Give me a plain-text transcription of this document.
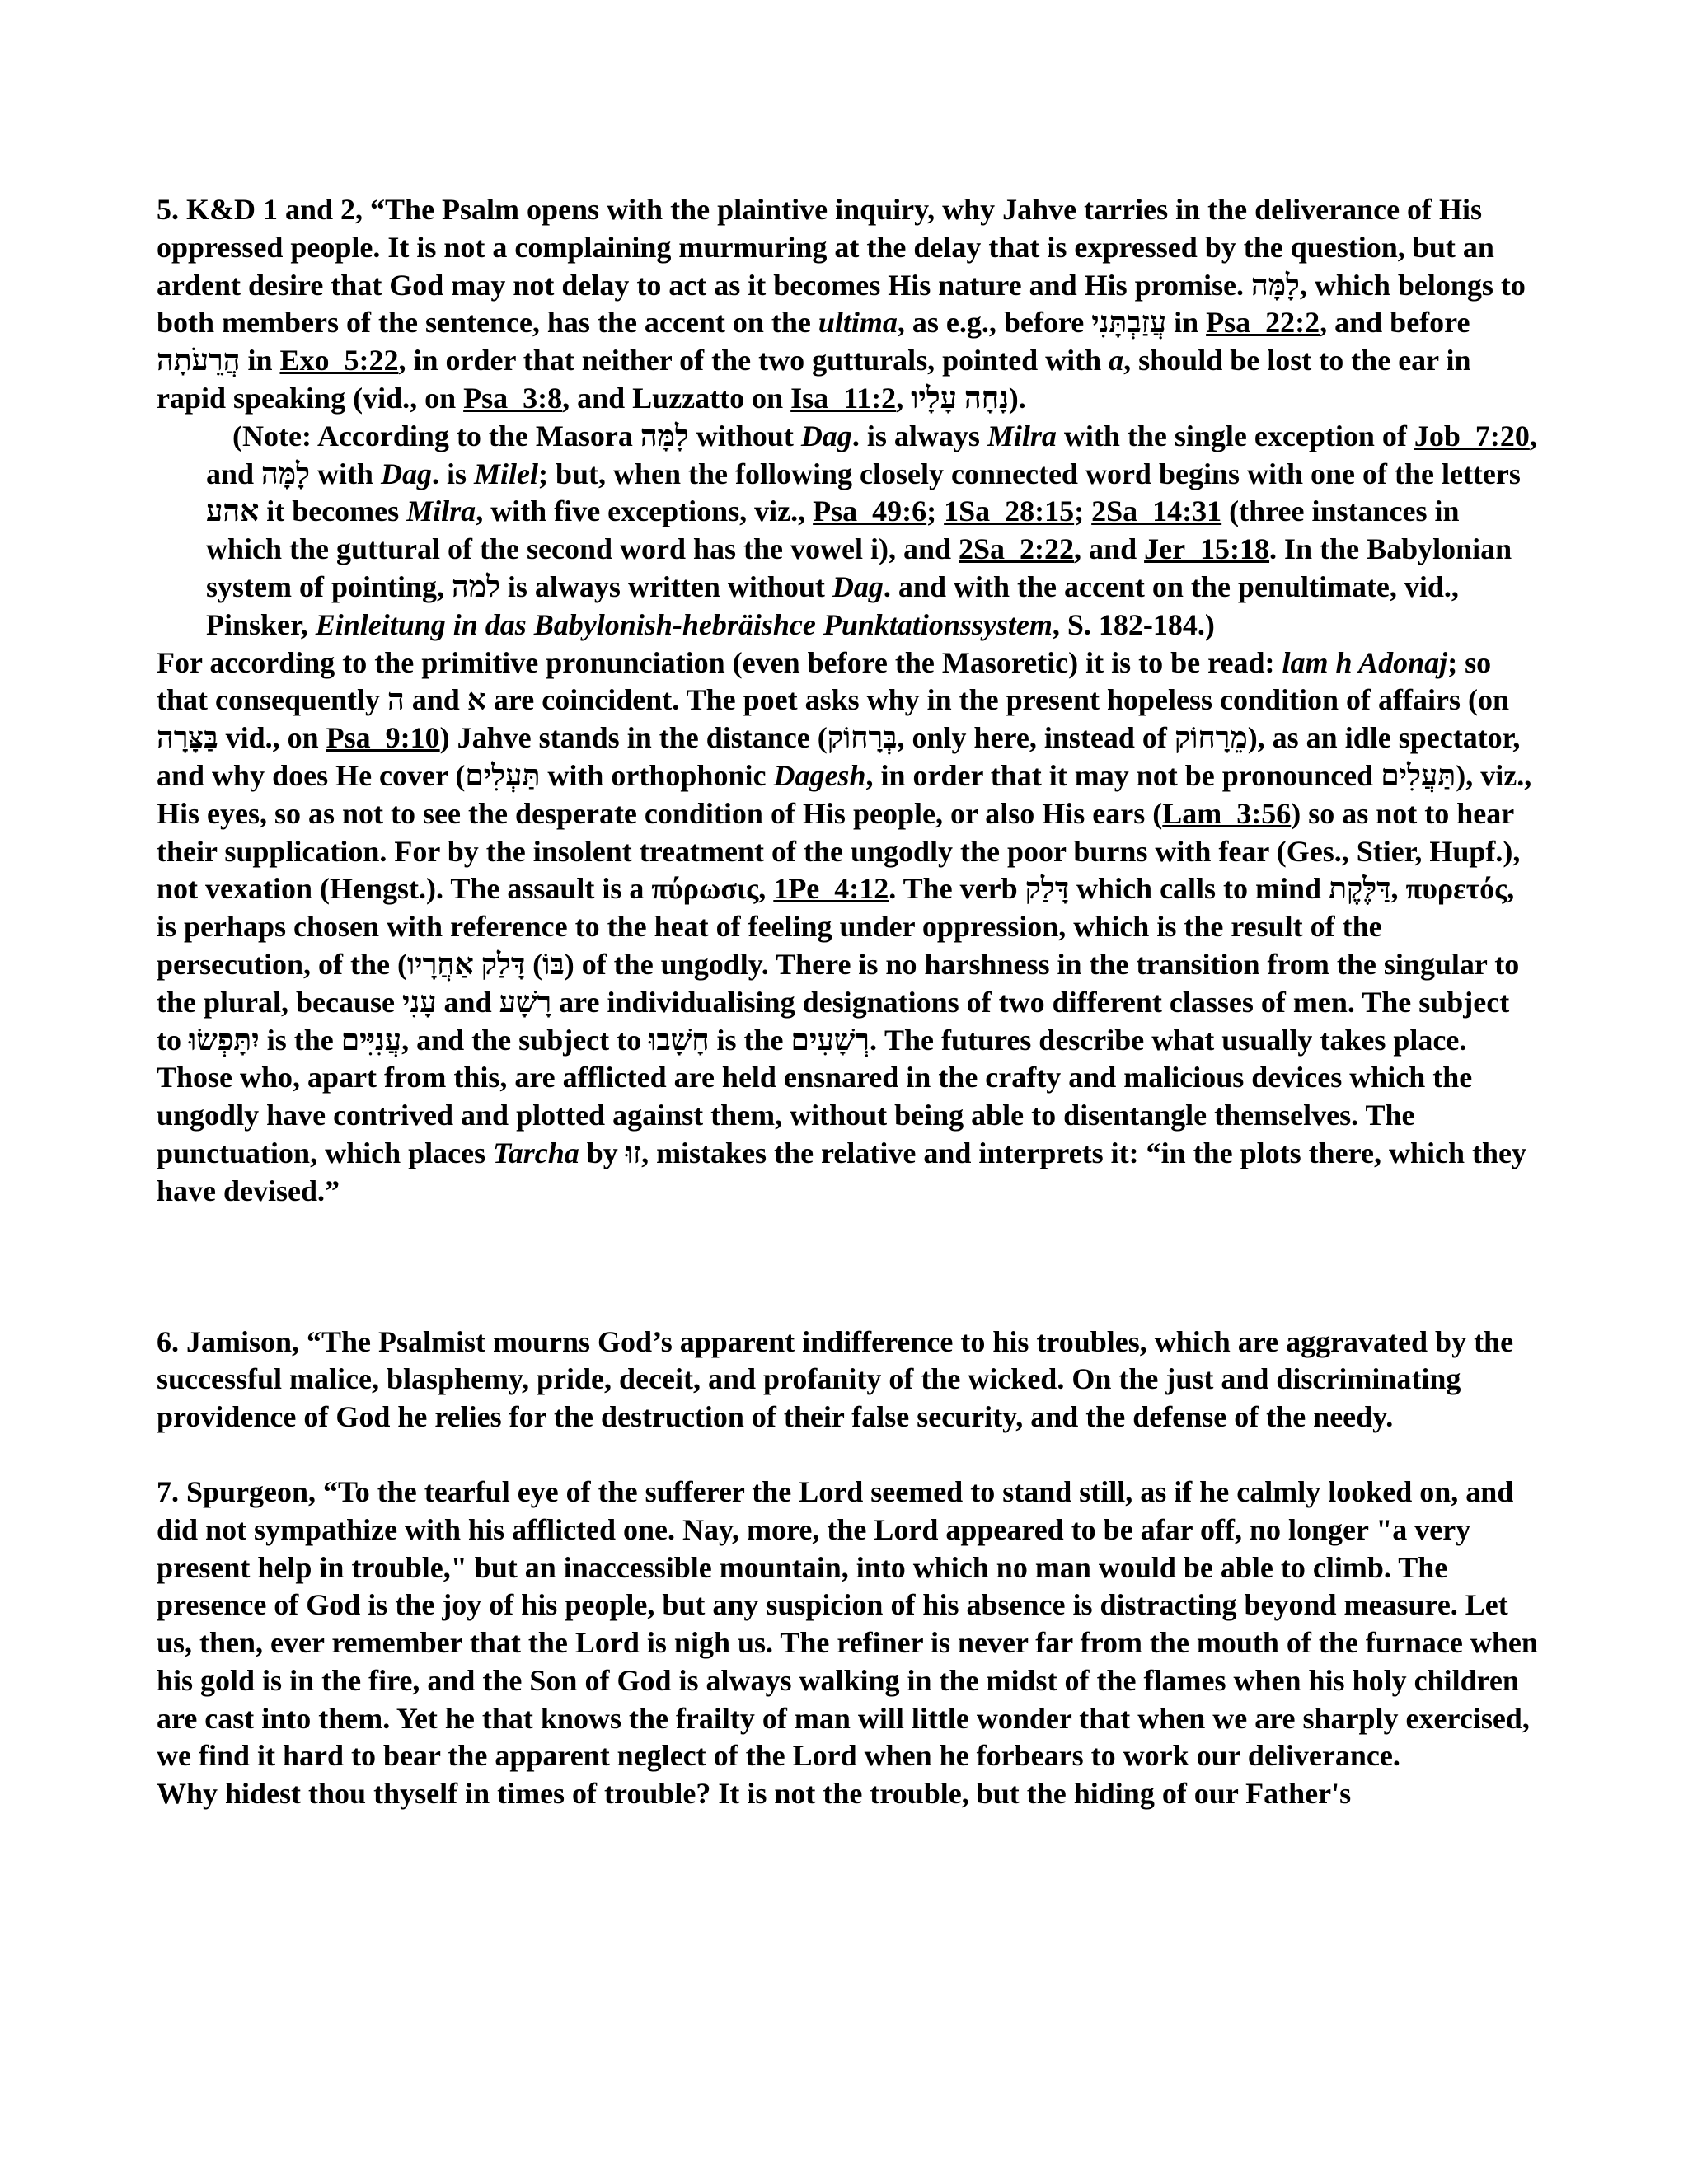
5. K&D 1 and 2, “The Psalm opens with the plaintive inquiry, why Jahve tarries in the deliverance of His oppressed people. It is not a complaining murmuring at the delay that is expressed by the question, but an ardent desire that God may not delay to act as it becomes His nature and His promise. לָמָּה, which belongs to both members of the sentence, has the accent on the ultima, as e.g., before עֲזַבְתָּנִי in Psa_22:2, and before הֲרֵעֹתָה in Exo_5:22, in order that neither of the two gutturals, pointed with a, should be lost to the ear in rapid speaking (vid., on Psa_3:8, and Luzzatto on Isa_11:2, נָחָה עָלָיו).

(Note: According to the Masora לָמָּה without Dag. is always Milra with the single exception of Job_7:20, and לָמָּה with Dag. is Milel; but, when the following closely connected word begins with one of the letters אהע it becomes Milra, with five exceptions, viz., Psa_49:6; 1Sa_28:15; 2Sa_14:31 (three instances in which the guttural of the second word has the vowel i), and 2Sa_2:22, and Jer_15:18. In the Babylonian system of pointing, למה is always written without Dag. and with the accent on the penultimate, vid., Pinsker, Einleitung in das Babylonish-hebräishce Punktationssystem, S. 182-184.)

For according to the primitive pronunciation (even before the Masoretic) it is to be read: lam h Adonaj; so that consequently ה and א are coincident. The poet asks why in the present hopeless condition of affairs (on בַּצָּרָה vid., on Psa_9:10) Jahve stands in the distance (בְּרָחוֹק, only here, instead of מֵרָחוֹק), as an idle spectator, and why does He cover (תַּעְלִים with orthophonic Dagesh, in order that it may not be pronounced תַּעֲלִים), viz., His eyes, so as not to see the desperate condition of His people, or also His ears (Lam_3:56) so as not to hear their supplication. For by the insolent treatment of the ungodly the poor burns with fear (Ges., Stier, Hupf.), not vexation (Hengst.). The assault is a πύρωσις, 1Pe_4:12. The verb דָּלַק which calls to mind דַּלֶּקֶת, πυρετός, is perhaps chosen with reference to the heat of feeling under oppression, which is the result of the persecution, of the (דָּלַק אַחֲרָיו (בּוֹ) of the ungodly. There is no harshness in the transition from the singular to the plural, because עָנִי and רָשָׁע are individualising designations of two different classes of men. The subject to יִתָּפְשׂוּ is the עֲנִיִּים, and the subject to חָשָׁבוּ is the רְשָׁעִים. The futures describe what usually takes place. Those who, apart from this, are afflicted are held ensnared in the crafty and malicious devices which the ungodly have contrived and plotted against them, without being able to disentangle themselves. The punctuation, which places Tarcha by זוּ, mistakes the relative and interprets it: “in the plots there, which they have devised.”

6. Jamison, “The Psalmist mourns God’s apparent indifference to his troubles, which are aggravated by the successful malice, blasphemy, pride, deceit, and profanity of the wicked. On the just and discriminating providence of God he relies for the destruction of their false security, and the defense of the needy.

7. Spurgeon, “To the tearful eye of the sufferer the Lord seemed to stand still, as if he calmly looked on, and did not sympathize with his afflicted one. Nay, more, the Lord appeared to be afar off, no longer "a very present help in trouble," but an inaccessible mountain, into which no man would be able to climb. The presence of God is the joy of his people, but any suspicion of his absence is distracting beyond measure. Let us, then, ever remember that the Lord is nigh us. The refiner is never far from the mouth of the furnace when his gold is in the fire, and the Son of God is always walking in the midst of the flames when his holy children are cast into them. Yet he that knows the frailty of man will little wonder that when we are sharply exercised, we find it hard to bear the apparent neglect of the Lord when he forbears to work our deliverance.

Why hidest thou thyself in times of trouble? It is not the trouble, but the hiding of our Father's
